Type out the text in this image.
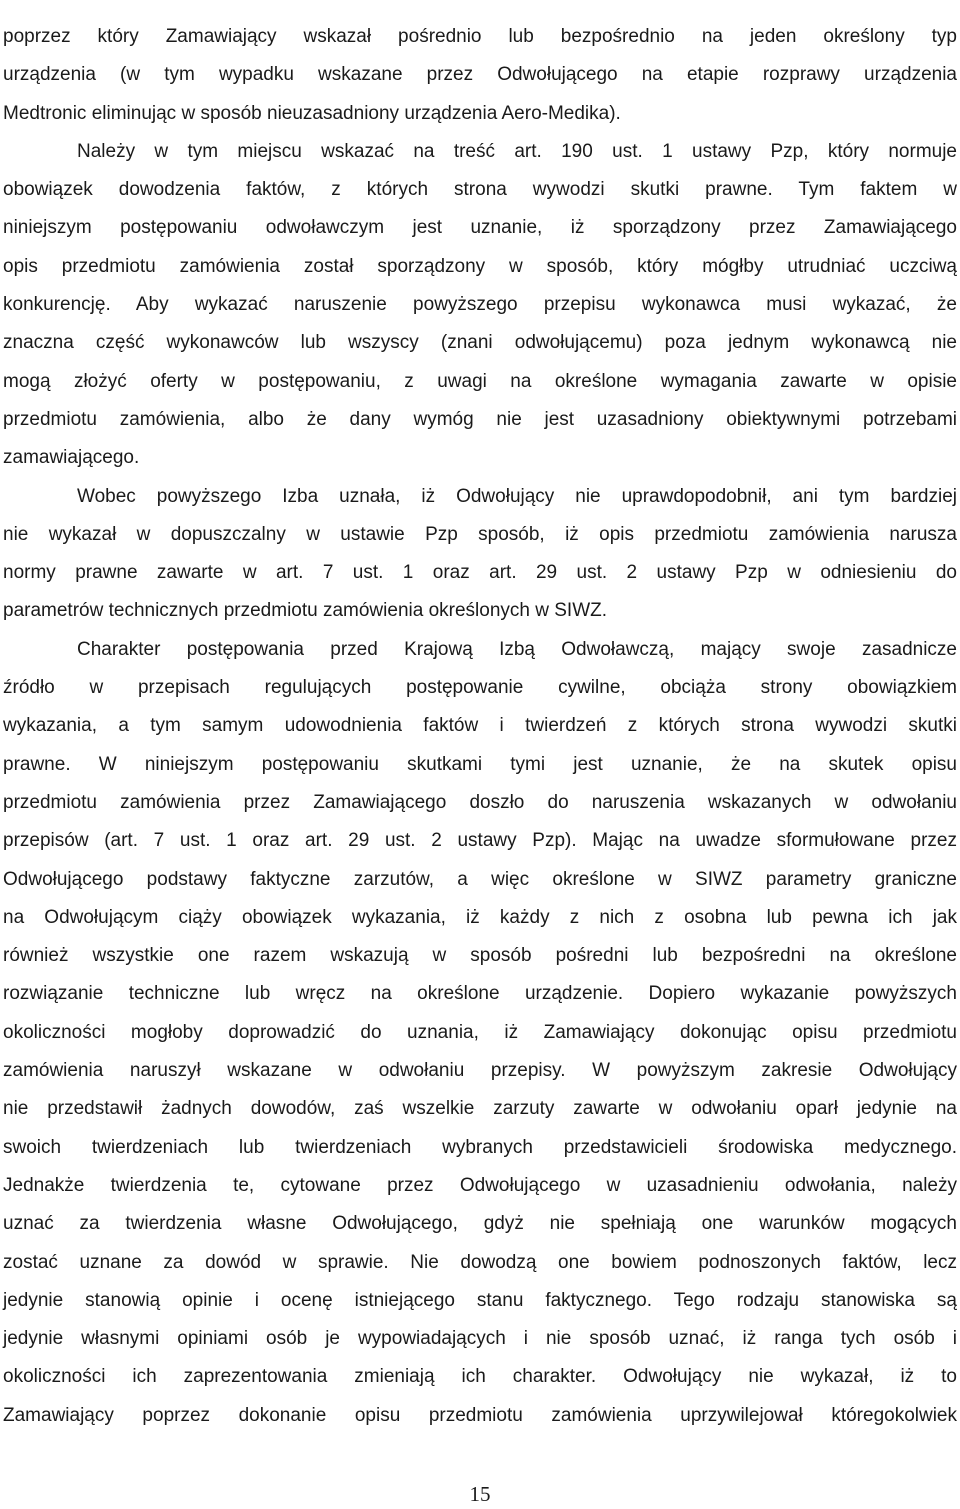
poprzez który Zamawiający wskazał pośrednio lub bezpośrednio na jeden określony typ
urządzenia (w tym wypadku wskazane przez Odwołującego na etapie rozprawy urządzenia
Medtronic eliminując w sposób nieuzasadniony urządzenia Aero-Medika).
Należy w tym miejscu wskazać na treść art. 190 ust. 1 ustawy Pzp, który normuje
obowiązek dowodzenia faktów, z których strona wywodzi skutki prawne. Tym faktem w
niniejszym postępowaniu odwoławczym jest uznanie, iż sporządzony przez Zamawiającego
opis przedmiotu zamówienia został sporządzony w sposób, który mógłby utrudniać uczciwą
konkurencję. Aby wykazać naruszenie powyższego przepisu wykonawca musi wykazać, że
znaczna część wykonawców lub wszyscy (znani odwołującemu) poza jednym wykonawcą nie
mogą złożyć oferty w postępowaniu, z uwagi na określone wymagania zawarte w opisie
przedmiotu zamówienia, albo że dany wymóg nie jest uzasadniony obiektywnymi potrzebami
zamawiającego.
Wobec powyższego Izba uznała, iż Odwołujący nie uprawdopodobnił, ani tym bardziej
nie wykazał w dopuszczalny w ustawie Pzp sposób, iż opis przedmiotu zamówienia narusza
normy prawne zawarte w art. 7 ust. 1 oraz art. 29 ust. 2 ustawy Pzp w odniesieniu do
parametrów technicznych przedmiotu zamówienia określonych w SIWZ.
Charakter postępowania przed Krajową Izbą Odwoławczą, mający swoje zasadnicze
źródło w przepisach regulujących postępowanie cywilne, obciąża strony obowiązkiem
wykazania, a tym samym udowodnienia faktów i twierdzeń z których strona wywodzi skutki
prawne. W niniejszym postępowaniu skutkami tymi jest uznanie, że na skutek opisu
przedmiotu zamówienia przez Zamawiającego doszło do naruszenia wskazanych w odwołaniu
przepisów (art. 7 ust. 1 oraz art. 29 ust. 2 ustawy Pzp). Mając na uwadze sformułowane przez
Odwołującego podstawy faktyczne zarzutów, a więc określone w SIWZ parametry graniczne
na Odwołującym ciąży obowiązek wykazania, iż każdy z nich z osobna lub pewna ich jak
również wszystkie one razem wskazują w sposób pośredni lub bezpośredni na określone
rozwiązanie techniczne lub wręcz na określone urządzenie. Dopiero wykazanie powyższych
okoliczności mogłoby doprowadzić do uznania, iż Zamawiający dokonując opisu przedmiotu
zamówienia naruszył wskazane w odwołaniu przepisy. W powyższym zakresie Odwołujący
nie przedstawił żadnych dowodów, zaś wszelkie zarzuty zawarte w odwołaniu oparł jedynie na
swoich twierdzeniach lub twierdzeniach wybranych przedstawicieli środowiska medycznego.
Jednakże twierdzenia te, cytowane przez Odwołującego w uzasadnieniu odwołania, należy
uznać za twierdzenia własne Odwołującego, gdyż nie spełniają one warunków mogących
zostać uznane za dowód w sprawie. Nie dowodzą one bowiem podnoszonych faktów, lecz
jedynie stanowią opinie i ocenę istniejącego stanu faktycznego. Tego rodzaju stanowiska są
jedynie własnymi opiniami osób je wypowiadających i nie sposób uznać, iż ranga tych osób i
okoliczności ich zaprezentowania zmieniają ich charakter. Odwołujący nie wykazał, iż to
Zamawiający poprzez dokonanie opisu przedmiotu zamówienia uprzywilejował któregokolwiek
15
